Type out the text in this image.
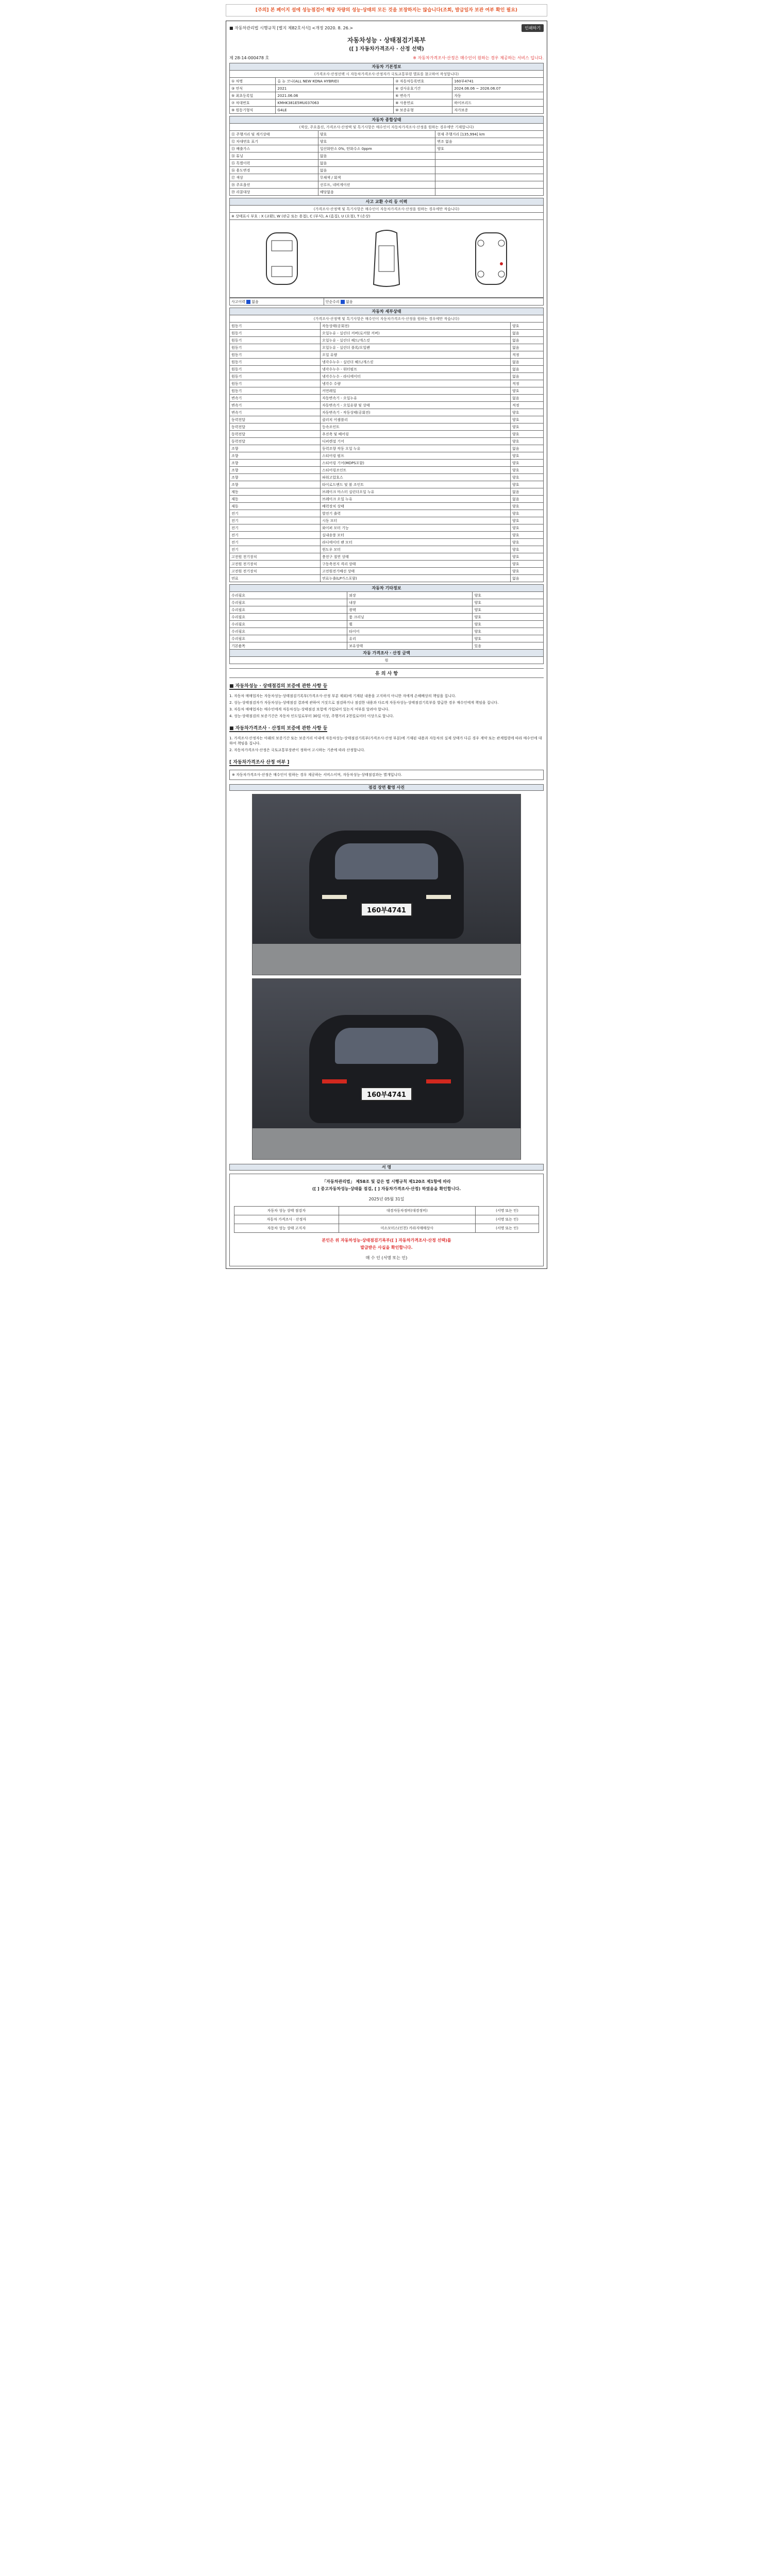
[주의] 본 페이지 설에 성능점검이 해당 차량의 성능·상태의 모든 것을 보장하지는 않습니다(조회, 발급일자 보관 여부 확인 필요)
■ 자동차관리법 시행규칙 [별지 제82호서식] <개정 2020. 8. 26.>	인쇄하기
자동차성능 · 상태점검기록부
([ ] 자동차가격조사 · 산정 선택)
제 28-14-000478 호	※ 자동차가격조사·산정은 매수인이 원하는 경우 제공하는 서비스 입니다.
자동차 기본정보			
(가격조사·산정선택 시 자동차가격조사·산정자가 국토교통부령 별표를 참고하여 작성합니다)			
① 차명	올 뉴 코나(ALL NEW KONA HYBRID)	② 자동차등록번호	160부4741
③ 연식	2021	④ 검사유효기간	2024.06.06 ~ 2026.06.07
⑤ 최초등록일	2021.06.06	⑥ 변속기	자동
⑦ 차대번호	KMHK381E5MU037063	⑧ 사용연료	하이브리드
⑨ 원동기형식	G4LE	⑩ 보증유형	자가보증
자동차 종합상태		
(색상, 주요옵션, 가격조사·산정액 및 특기사항은 매수인이 자동차가격조사·산정을 원하는 경우에만 기재합니다)		
⑪ 주행거리 및 계기상태	양호	현재 주행거리 [135,994] km
⑫ 차대번호 표기	양호	변조 없음
⑬ 배출가스	일산화탄소 0%, 탄화수소 0ppm	양호
⑭ 튜닝	없음	
⑮ 특별이력	없음	
⑯ 용도변경	없음	
⑰ 색상	무채색 / 회색	
⑱ 주요옵션	선루프, 네비게이션	
⑲ 리콜대상	해당없음	
사고 교환 수리 등 이력
(가격조사·산정액 및 특기사항은 매수인이 자동차가격조사·산정을 원하는 경우에만 적습니다)
※ 상태표시 부호 : X (교환), W (판금 또는 용접), C (부식), A (흠집), U (요철), T (손상)
사고이력 없음	단순수리 없음
자동차 세부상태		
(가격조사·산정액 및 특기사항은 매수인이 자동차가격조사·산정을 원하는 경우에만 적습니다)		
원동기	작동상태(공회전)	양호
원동기	오일누유 - 실린더 커버(로커암 커버)	없음
원동기	오일누유 - 실린더 헤드/개스킷	없음
원동기	오일누유 - 실린더 블록/오일팬	없음
원동기	오일 유량	적정
원동기	냉각수누수 - 실린더 헤드/개스킷	없음
원동기	냉각수누수 - 워터펌프	없음
원동기	냉각수누수 - 라디에이터	없음
원동기	냉각수 수량	적정
원동기	커먼레일	양호
변속기	자동변속기 - 오일누유	없음
변속기	자동변속기 - 오일유량 및 상태	적정
변속기	자동변속기 - 작동상태(공회전)	양호
동력전달	클러치 어셈블리	양호
동력전달	등속조인트	양호
동력전달	추진축 및 베어링	양호
동력전달	디퍼렌셜 기어	양호
조향	동력조향 작동 오일 누유	없음
조향	스티어링 펌프	양호
조향	스티어링 기어(MDPS포함)	양호
조향	스티어링조인트	양호
조향	파워고압호스	양호
조향	타이로드엔드 및 볼 조인트	양호
제동	브레이크 마스터 실린더오일 누유	없음
제동	브레이크 오일 누유	없음
제동	배력장치 상태	양호
전기	발전기 출력	양호
전기	시동 모터	양호
전기	와이퍼 모터 기능	양호
전기	실내송풍 모터	양호
전기	라디에이터 팬 모터	양호
전기	윈도우 모터	양호
고전원 전기장치	충전구 절연 상태	양호
고전원 전기장치	구동축전지 격리 상태	양호
고전원 전기장치	고전원전기배선 상태	양호
연료	연료누출(LP가스포함)	없음
자동차 기타정보		
수리필요	외장	양호
수리필요	내장	양호
수리필요	광택	양호
수리필요	룸 크리닝	양호
수리필요	휠	양호
수리필요	타이어	양호
수리필요	유리	양호
기본품목	보유상태	있음
자동 가격조사 · 산정 금액		
원		
유 의 사 항
■ 자동차성능 · 상태점검의 보증에 관한 사항 등

1. 자동차 매매업자는 자동차성능·상태점검기록부(가격조사·산정 부분 제외)에 기재된 내용을 고지하지 아니한 자에게 손해배상의 책임을 집니다.

2. 성능·상태점검자가 자동차성능·상태점검 결과에 관하여 거짓으로 점검하거나 점검한 내용과 다르게 자동차성능·상태점검기록부를 발급한 경우 매수인에게 책임을 집니다.

3. 자동차 매매업자는 매수인에게 자동차성능·상태점검 보험에 가입되어 있는지 여부를 알려야 합니다.

4. 성능·상태점검의 보증기간은 자동차 인도일로부터 30일 이상, 주행거리 2천킬로미터 이상으로 합니다.

■ 자동차가격조사 · 산정의 보증에 관한 사항 등

1. 가격조사·산정자는 아래의 보증기간 또는 보증거리 이내에 자동차성능·상태점검기록부(가격조사·산정 부분)에 기재된 내용과 자동차의 실제 상태가 다른 경우 계약 또는 관계법령에 따라 매수인에 대하여 책임을 집니다.

2. 자동차가격조사·산정은 국토교통부장관이 정하여 고시하는 기준에 따라 산정합니다.

[ 자동차가격조사 산정 여부 ]

※ 자동차가격조사·산정은 매수인이 원하는 경우 제공하는 서비스이며, 자동차성능·상태점검과는 별개입니다.

점검 장면 촬영 사진
160부4741
160부4741
서 명
「자동차관리법」 제58조 및 같은 법 시행규칙 제120조 제1항에 따라
([ ] 중고자동차성능·상태를 점검, [ ] 자동차가격조사·산정) 하였음을 확인합니다.
2025년 05월 31일
자동차 성능 상태 점검자	대경자동차정비(대경정비)	(서명 또는 인)
자동차 가격조사 · 산정자		(서명 또는 인)
자동차 성능 상태 고지자	미소모터스(인천) 카라지매매상사	(서명 또는 인)
본인은 위 자동차성능·상태점검기록부([ ] 자동차가격조사·산정 선택)를
발급받은 사실을 확인합니다.
매 수 인 (서명 또는 인)
